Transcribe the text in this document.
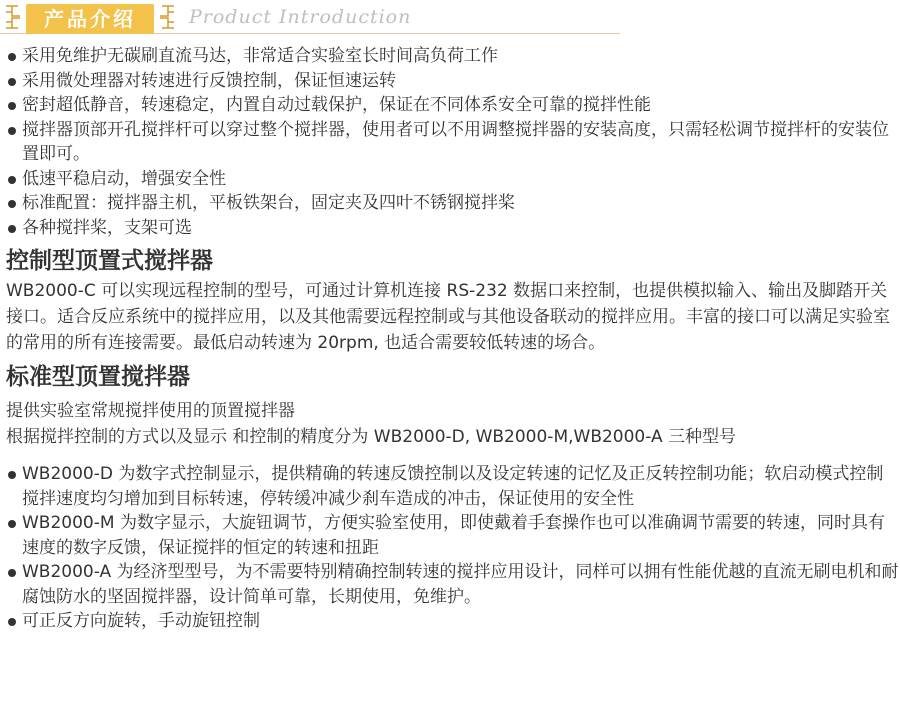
产品介绍	Product Introduction
采用免维护无碳刷直流马达，非常适合实验室长时间高负荷工作
采用微处理器对转速进行反馈控制，保证恒速运转
密封超低静音，转速稳定，内置自动过载保护，保证在不同体系安全可靠的搅拌性能
搅拌器顶部开孔搅拌杆可以穿过整个搅拌器，使用者可以不用调整搅拌器的安装高度，只需轻松调节搅拌杆的安装位置即可。
低速平稳启动，增强安全性
标准配置：搅拌器主机，平板铁架台，固定夹及四叶不锈钢搅拌桨
各种搅拌桨，支架可选
控制型顶置式搅拌器

WB2000-C 可以实现远程控制的型号，可通过计算机连接 RS-232 数据口来控制，也提供模拟输入、输出及脚踏开关接口。适合反应系统中的搅拌应用，以及其他需要远程控制或与其他设备联动的搅拌应用。丰富的接口可以满足实验室的常用的所有连接需要。最低启动转速为 20rpm, 也适合需要较低转速的场合。

标准型顶置搅拌器

提供实验室常规搅拌使用的顶置搅拌器

根据搅拌控制的方式以及显示 和控制的精度分为 WB2000-D, WB2000-M,WB2000-A 三种型号

WB2000-D 为数字式控制显示，提供精确的转速反馈控制以及设定转速的记忆及正反转控制功能；软启动模式控制搅拌速度均匀增加到目标转速，停转缓冲减少刹车造成的冲击，保证使用的安全性
WB2000-M 为数字显示，大旋钮调节，方便实验室使用，即使戴着手套操作也可以准确调节需要的转速，同时具有速度的数字反馈，保证搅拌的恒定的转速和扭距
WB2000-A 为经济型型号，为不需要特别精确控制转速的搅拌应用设计，同样可以拥有性能优越的直流无刷电机和耐腐蚀防水的坚固搅拌器，设计简单可靠，长期使用，免维护。
可正反方向旋转，手动旋钮控制
